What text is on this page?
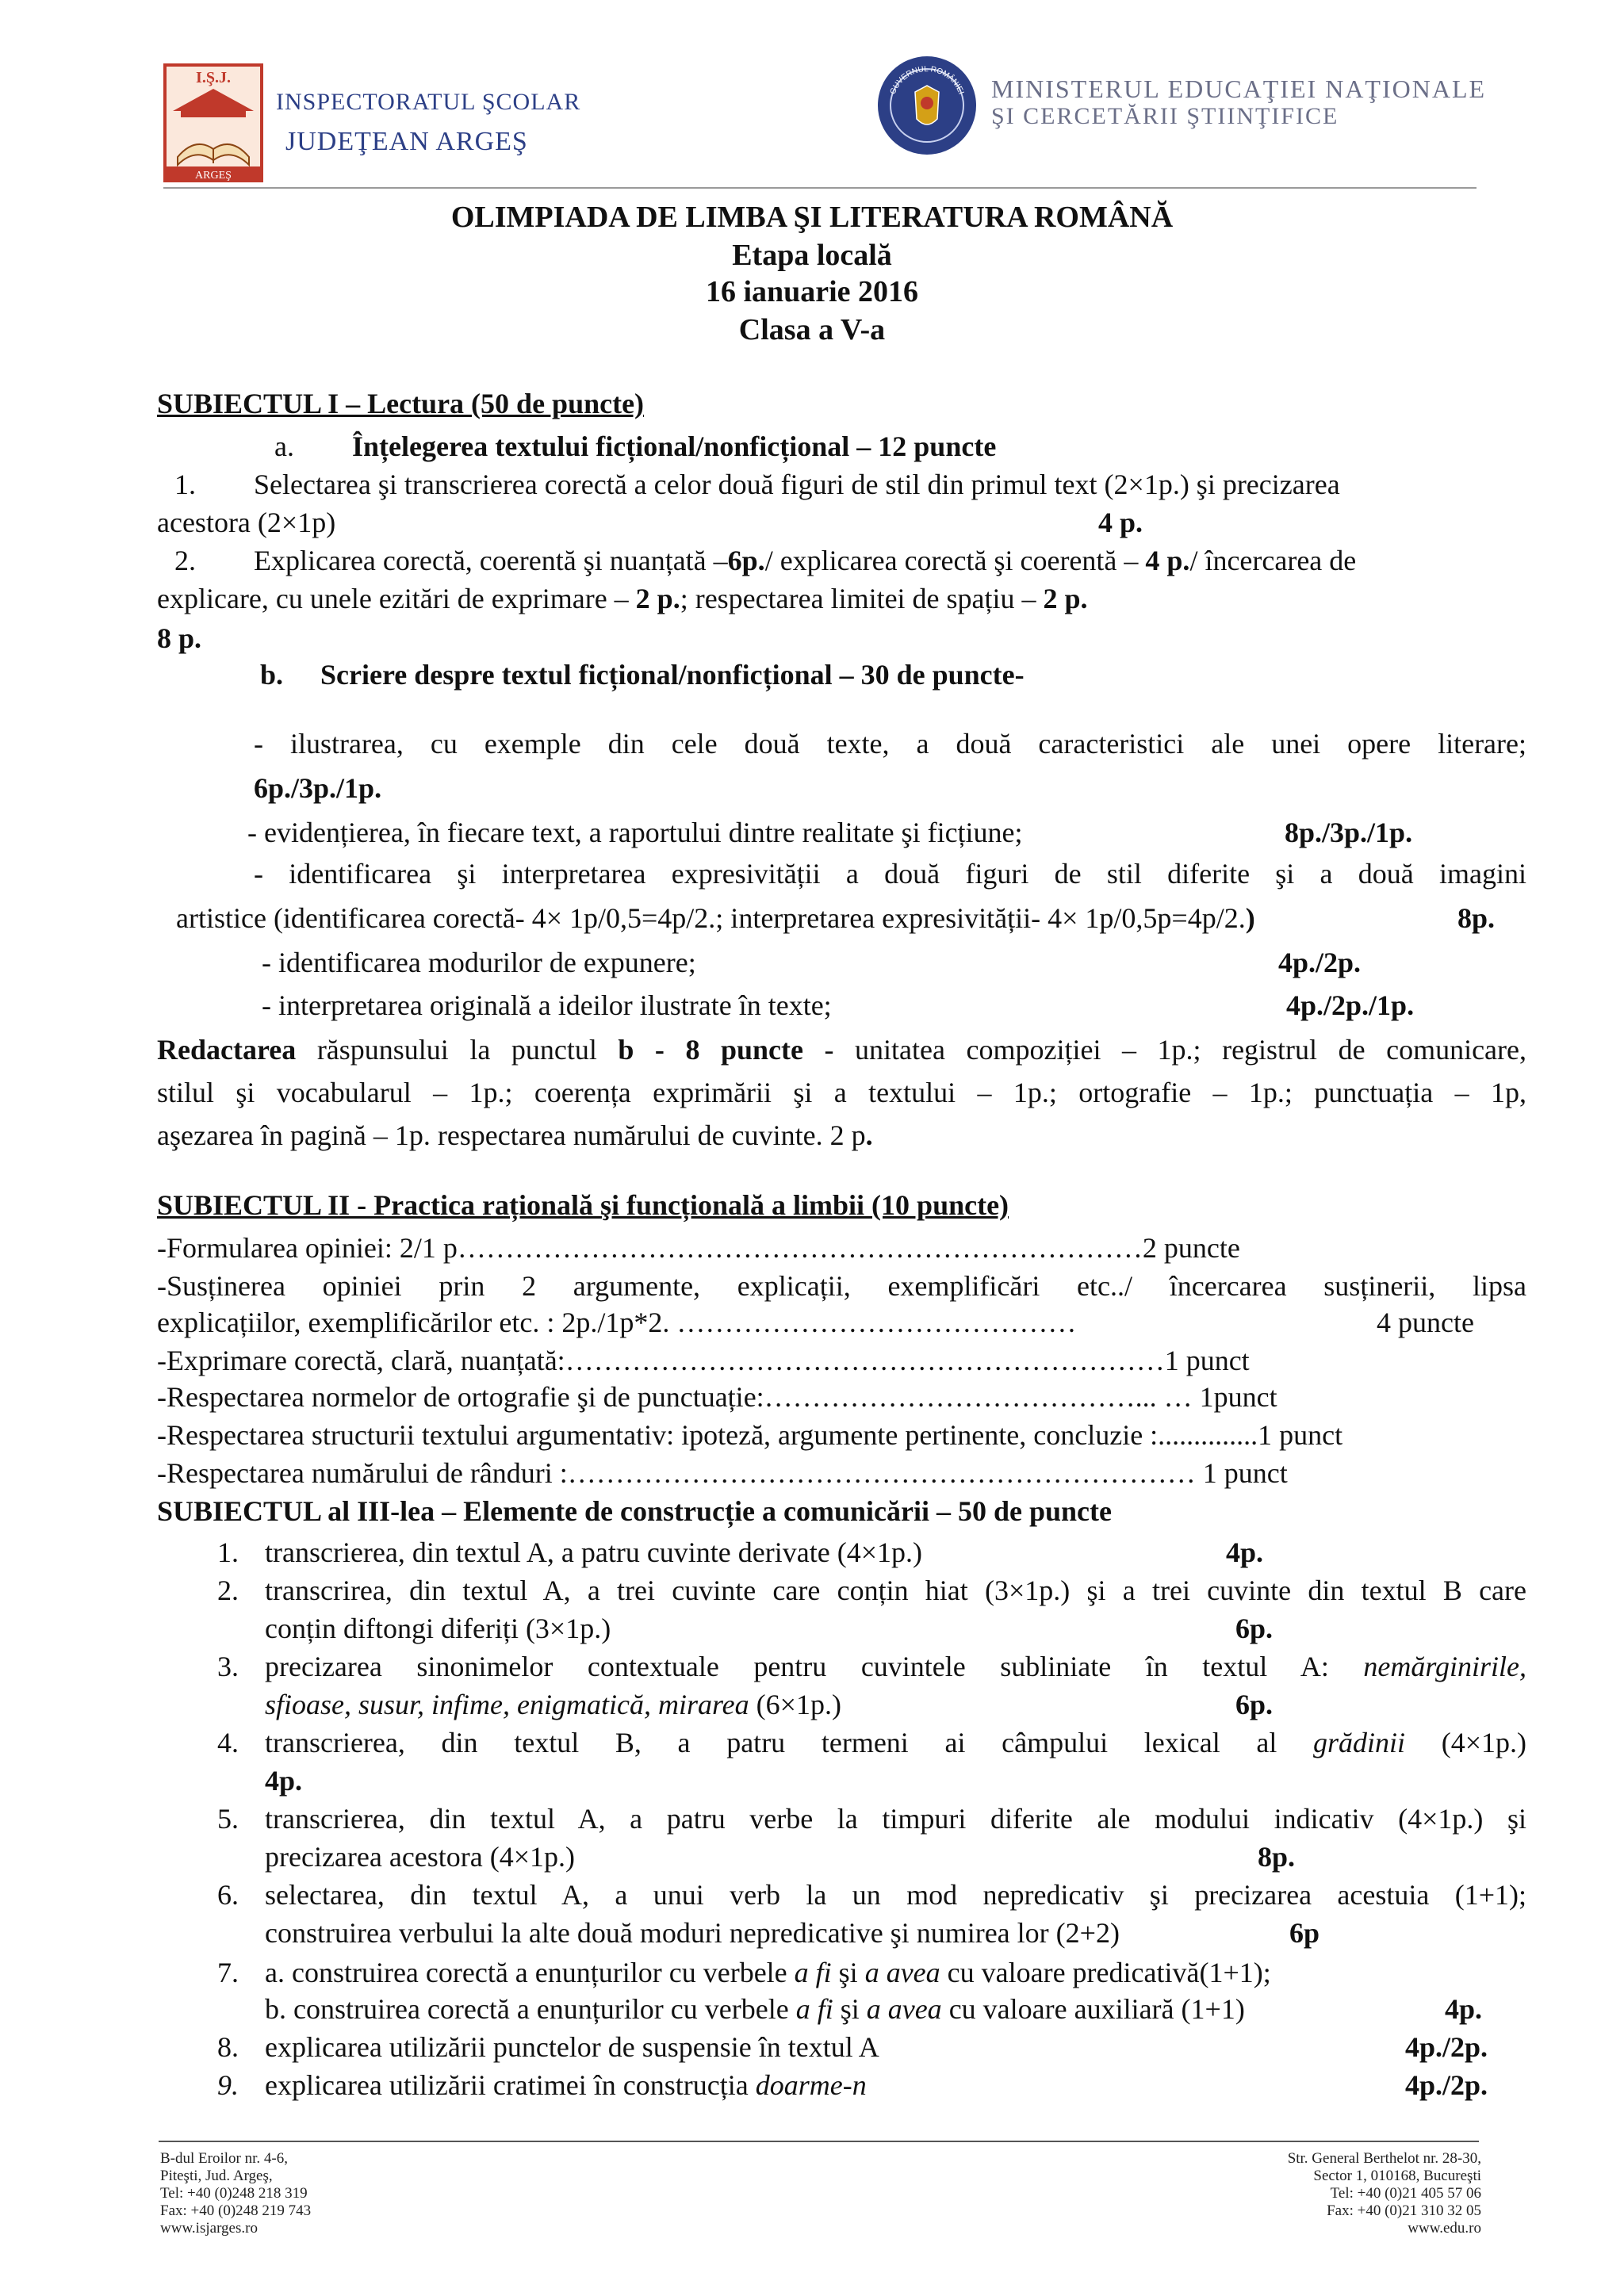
I.Ş.J.
ARGEŞ
INSPECTORATUL ŞCOLAR
JUDEŢEAN ARGEŞ
GUVERNUL ROMÂNIEI MINISTERUL EDUCAŢIEI NAŢIONALE
ŞI CERCETĂRII ŞTIINŢIFICE
OLIMPIADA DE LIMBA ŞI LITERATURA ROMÂNĂ
Etapa locală
16 ianuarie 2016
Clasa a V-a
SUBIECTUL I – Lectura (50 de puncte)
a. Înțelegerea textului ficțional/nonficțional – 12 puncte
1. Selectarea şi transcrierea corectă a celor două figuri de stil din primul text (2×1p.) şi precizarea
acestora (2×1p)	4 p.
2. Explicarea corectă, coerentă şi nuanțată –6p./ explicarea corectă şi coerentă – 4 p./ încercarea de
explicare, cu unele ezitări de exprimare – 2 p.; respectarea limitei de spațiu – 2 p.
8 p.
b. Scriere despre textul ficțional/nonficțional – 30 de puncte-
- ilustrarea, cu exemple din cele două texte, a două caracteristici ale unei opere literare;
6p./3p./1p.
- evidențierea, în fiecare text, a raportului dintre realitate şi ficțiune;	8p./3p./1p.
- identificarea şi interpretarea expresivității a două figuri de stil diferite şi a două imagini
artistice (identificarea corectă- 4× 1p/0,5=4p/2.; interpretarea expresivității- 4× 1p/0,5p=4p/2.)	8p.
- identificarea modurilor de expunere;	4p./2p.
- interpretarea originală a ideilor ilustrate în texte;	4p./2p./1p.
Redactarea răspunsului la punctul b - 8 puncte - unitatea compoziției – 1p.; registrul de comunicare,
stilul şi vocabularul – 1p.; coerența exprimării şi a textului – 1p.; ortografie – 1p.; punctuația – 1p,
aşezarea în pagină – 1p. respectarea numărului de cuvinte. 2 p.
SUBIECTUL II - Practica rațională şi funcțională a limbii (10 puncte)
-Formularea opiniei: 2/1 p………………………………………………………………2 puncte
-Susținerea opiniei prin 2 argumente, explicații, exemplificări etc../ încercarea susținerii, lipsa
explicațiilor, exemplificărilor etc. : 2p./1p*2. ……………………………………	4 puncte
-Exprimare corectă, clară, nuanțată:………………………………………………………1 punct
-Respectarea normelor de ortografie şi de punctuație:…………………………………... … 1punct
-Respectarea structurii textului argumentativ: ipoteză, argumente pertinente, concluzie :..............1 punct
-Respectarea numărului de rânduri :………………………………………………………… 1 punct
SUBIECTUL al III-lea – Elemente de construcție a comunicării – 50 de puncte
1. transcrierea, din textul A, a patru cuvinte derivate (4×1p.)	4p.
2. transcrirea, din textul A, a trei cuvinte care conțin hiat (3×1p.) şi a trei cuvinte din textul B care
conțin diftongi diferiți (3×1p.)	6p.
3. precizarea sinonimelor contextuale pentru cuvintele subliniate în textul A: nemărginirile,
sfioase, susur, infime, enigmatică, mirarea (6×1p.)	6p.
4. transcrierea, din textul B, a patru termeni ai câmpului lexical al grădinii (4×1p.)
4p.
5. transcrierea, din textul A, a patru verbe la timpuri diferite ale modului indicativ (4×1p.) şi
precizarea acestora (4×1p.)	8p.
6. selectarea, din textul A, a unui verb la un mod nepredicativ şi precizarea acestuia (1+1);
construirea verbului la alte două moduri nepredicative şi numirea lor (2+2)	6p
7. a. construirea corectă a enunțurilor cu verbele a fi şi a avea cu valoare predicativă(1+1);
b. construirea corectă a enunțurilor cu verbele a fi şi a avea cu valoare auxiliară (1+1)	4p.
8. explicarea utilizării punctelor de suspensie în textul A	4p./2p.
9. explicarea utilizării cratimei în construcția doarme-n	4p./2p.
B-dul Eroilor nr. 4-6,
Piteşti, Jud. Argeş,
Tel: +40 (0)248 218 319
Fax: +40 (0)248 219 743
www.isjarges.ro
Str. General Berthelot nr. 28-30,
Sector 1, 010168, Bucureşti
Tel: +40 (0)21 405 57 06
Fax: +40 (0)21 310 32 05
www.edu.ro
